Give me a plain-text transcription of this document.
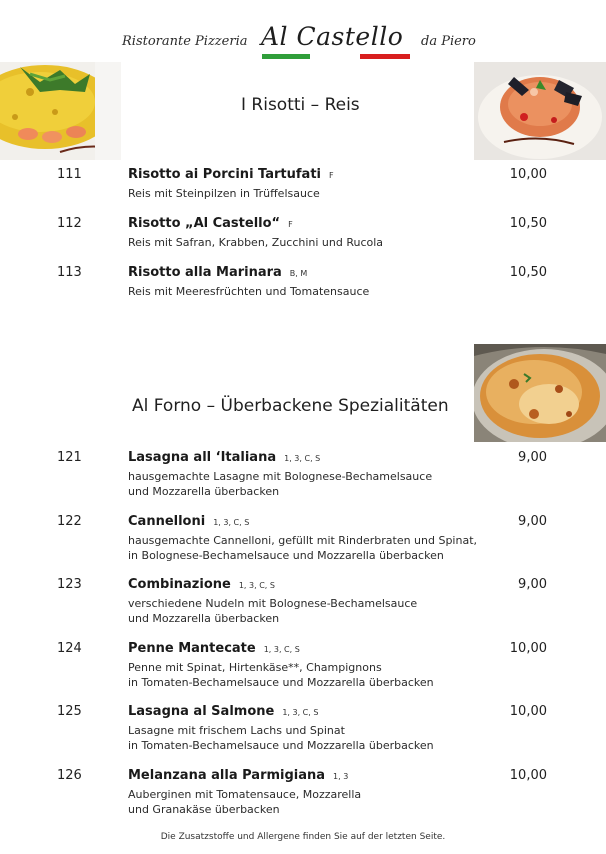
Ristorante Pizzeria Al Castello da Piero
I Risotti – Reis
111	Risotto ai Porcini Tartufati F
Reis mit Steinpilzen in Trüffelsauce
10,00
112	Risotto „Al Castello“ F
Reis mit Safran, Krabben, Zucchini und Rucola
10,50
113	Risotto alla Marinara B, M
Reis mit Meeresfrüchten und Tomatensauce
10,50
Al Forno – Überbackene Spezialitäten
121	Lasagna all ‘Italiana 1, 3, C, S
hausgemachte Lasagne mit Bolognese-Bechamelsauce
und Mozzarella überbacken
9,00
122	Cannelloni 1, 3, C, S
hausgemachte Cannelloni, gefüllt mit Rinderbraten und Spinat,
in Bolognese-Bechamelsauce und Mozzarella überbacken
9,00
123	Combinazione 1, 3, C, S
verschiedene Nudeln mit Bolognese-Bechamelsauce
und Mozzarella überbacken
9,00
124	Penne Mantecate 1, 3, C, S
Penne mit Spinat, Hirtenkäse**, Champignons
in Tomaten-Bechamelsauce und Mozzarella überbacken
10,00
125	Lasagna al Salmone 1, 3, C, S
Lasagne mit frischem Lachs und Spinat
in Tomaten-Bechamelsauce und Mozzarella überbacken
10,00
126	Melanzana alla Parmigiana 1, 3
Auberginen mit Tomatensauce, Mozzarella
und Granakäse überbacken
10,00
Die Zusatzstoffe und Allergene finden Sie auf der letzten Seite.
